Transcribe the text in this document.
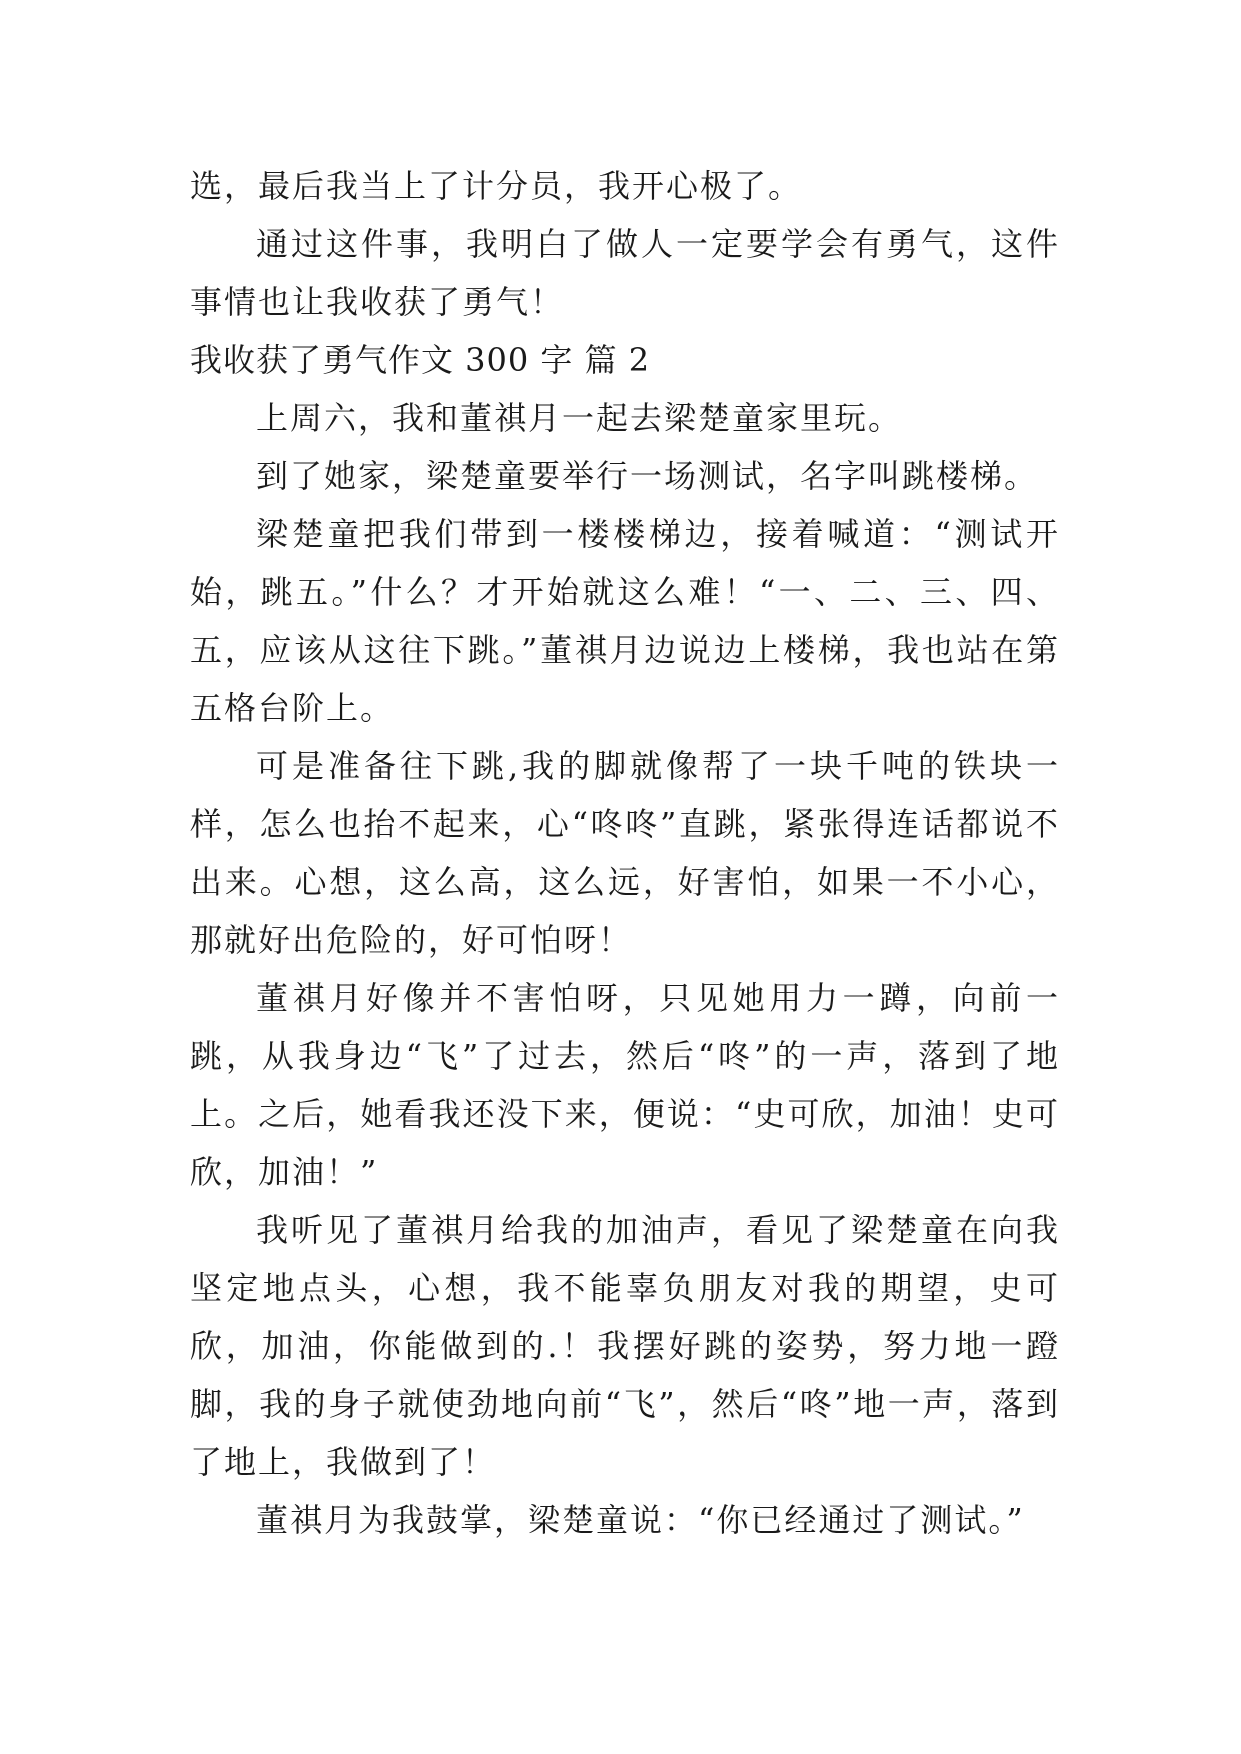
选，最后我当上了计分员，我开心极了。

通过这件事，我明白了做人一定要学会有勇气，这件事情也让我收获了勇气！

我收获了勇气作文 300 字 篇 2

上周六，我和董祺月一起去梁楚童家里玩。

到了她家，梁楚童要举行一场测试，名字叫跳楼梯。

梁楚童把我们带到一楼楼梯边，接着喊道：“测试开始，跳五。”什么？才开始就这么难！“一、二、三、四、五，应该从这往下跳。”董祺月边说边上楼梯，我也站在第五格台阶上。

可是准备往下跳,我的脚就像帮了一块千吨的铁块一样，怎么也抬不起来，心“咚咚”直跳，紧张得连话都说不出来。心想，这么高，这么远，好害怕，如果一不小心，那就好出危险的，好可怕呀！

董祺月好像并不害怕呀，只见她用力一蹲，向前一跳，从我身边“飞”了过去，然后“咚”的一声，落到了地上。之后，她看我还没下来，便说：“史可欣，加油！史可欣，加油！”

我听见了董祺月给我的加油声，看见了梁楚童在向我坚定地点头，心想，我不能辜负朋友对我的期望，史可欣，加油，你能做到的.！我摆好跳的姿势，努力地一蹬脚，我的身子就使劲地向前“飞”，然后“咚”地一声，落到了地上，我做到了！

董祺月为我鼓掌，梁楚童说：“你已经通过了测试。”
